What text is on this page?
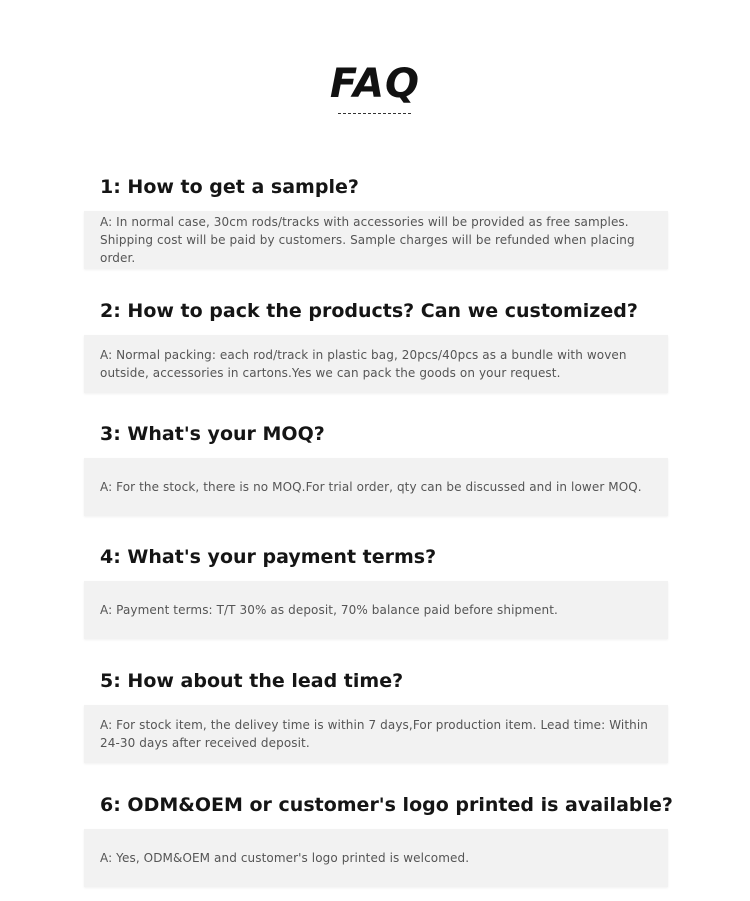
FAQ
1: How to get a sample?
A: In normal case, 30cm rods/tracks with accessories will be provided as free samples. Shipping cost will be paid by customers. Sample charges will be refunded when placing order.
2: How to pack the products? Can we customized?
A: Normal packing: each rod/track in plastic bag, 20pcs/40pcs as a bundle with woven outside, accessories in cartons.Yes we can pack the goods on your request.
3: What's your MOQ?
A: For the stock, there is no MOQ.For trial order, qty can be discussed and in lower MOQ.
4: What's your payment terms?
A: Payment terms: T/T 30% as deposit, 70% balance paid before shipment.
5: How about the lead time?
A: For stock item, the delivey time is within 7 days,For production item. Lead time: Within 24-30 days after received deposit.
6: ODM&OEM or customer's logo printed is available?
A: Yes, ODM&OEM and customer's logo printed is welcomed.
